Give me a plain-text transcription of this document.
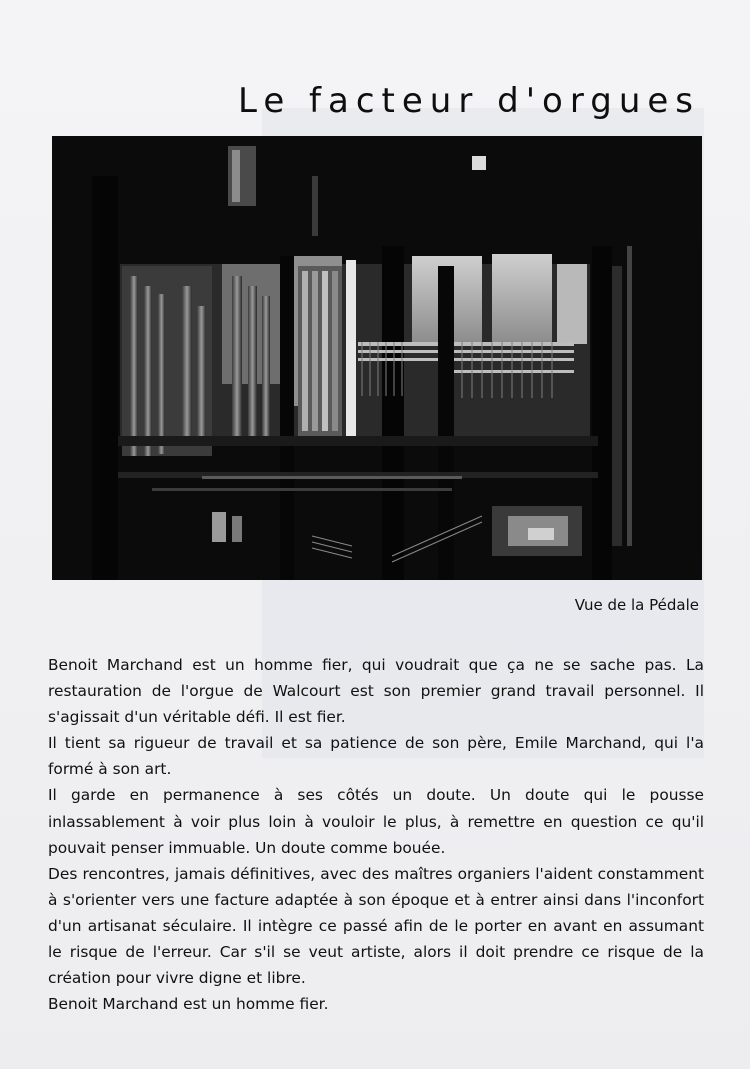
Le facteur d'orgues
Vue de la Pédale

Benoit Marchand est un homme fier, qui voudrait que ça ne se sache pas. La restauration de l'orgue de Walcourt est son premier grand travail personnel. Il s'agissait d'un véritable défi. Il est fier.

Il tient sa rigueur de travail et sa patience de son père, Emile Marchand, qui l'a formé à son art.

Il garde en permanence à ses côtés un doute. Un doute qui le pousse inlassablement à voir plus loin à vouloir le plus, à remettre en question ce qu'il pouvait penser immuable. Un doute comme bouée.

Des rencontres, jamais définitives, avec des maîtres organiers l'aident constamment à s'orienter vers une facture adaptée à son époque et à entrer ainsi dans l'inconfort d'un artisanat séculaire. Il intègre ce passé afin de le porter en avant en assumant le risque de l'erreur. Car s'il se veut artiste, alors il doit prendre ce risque de la création pour vivre digne et libre.

Benoit Marchand est un homme fier.
